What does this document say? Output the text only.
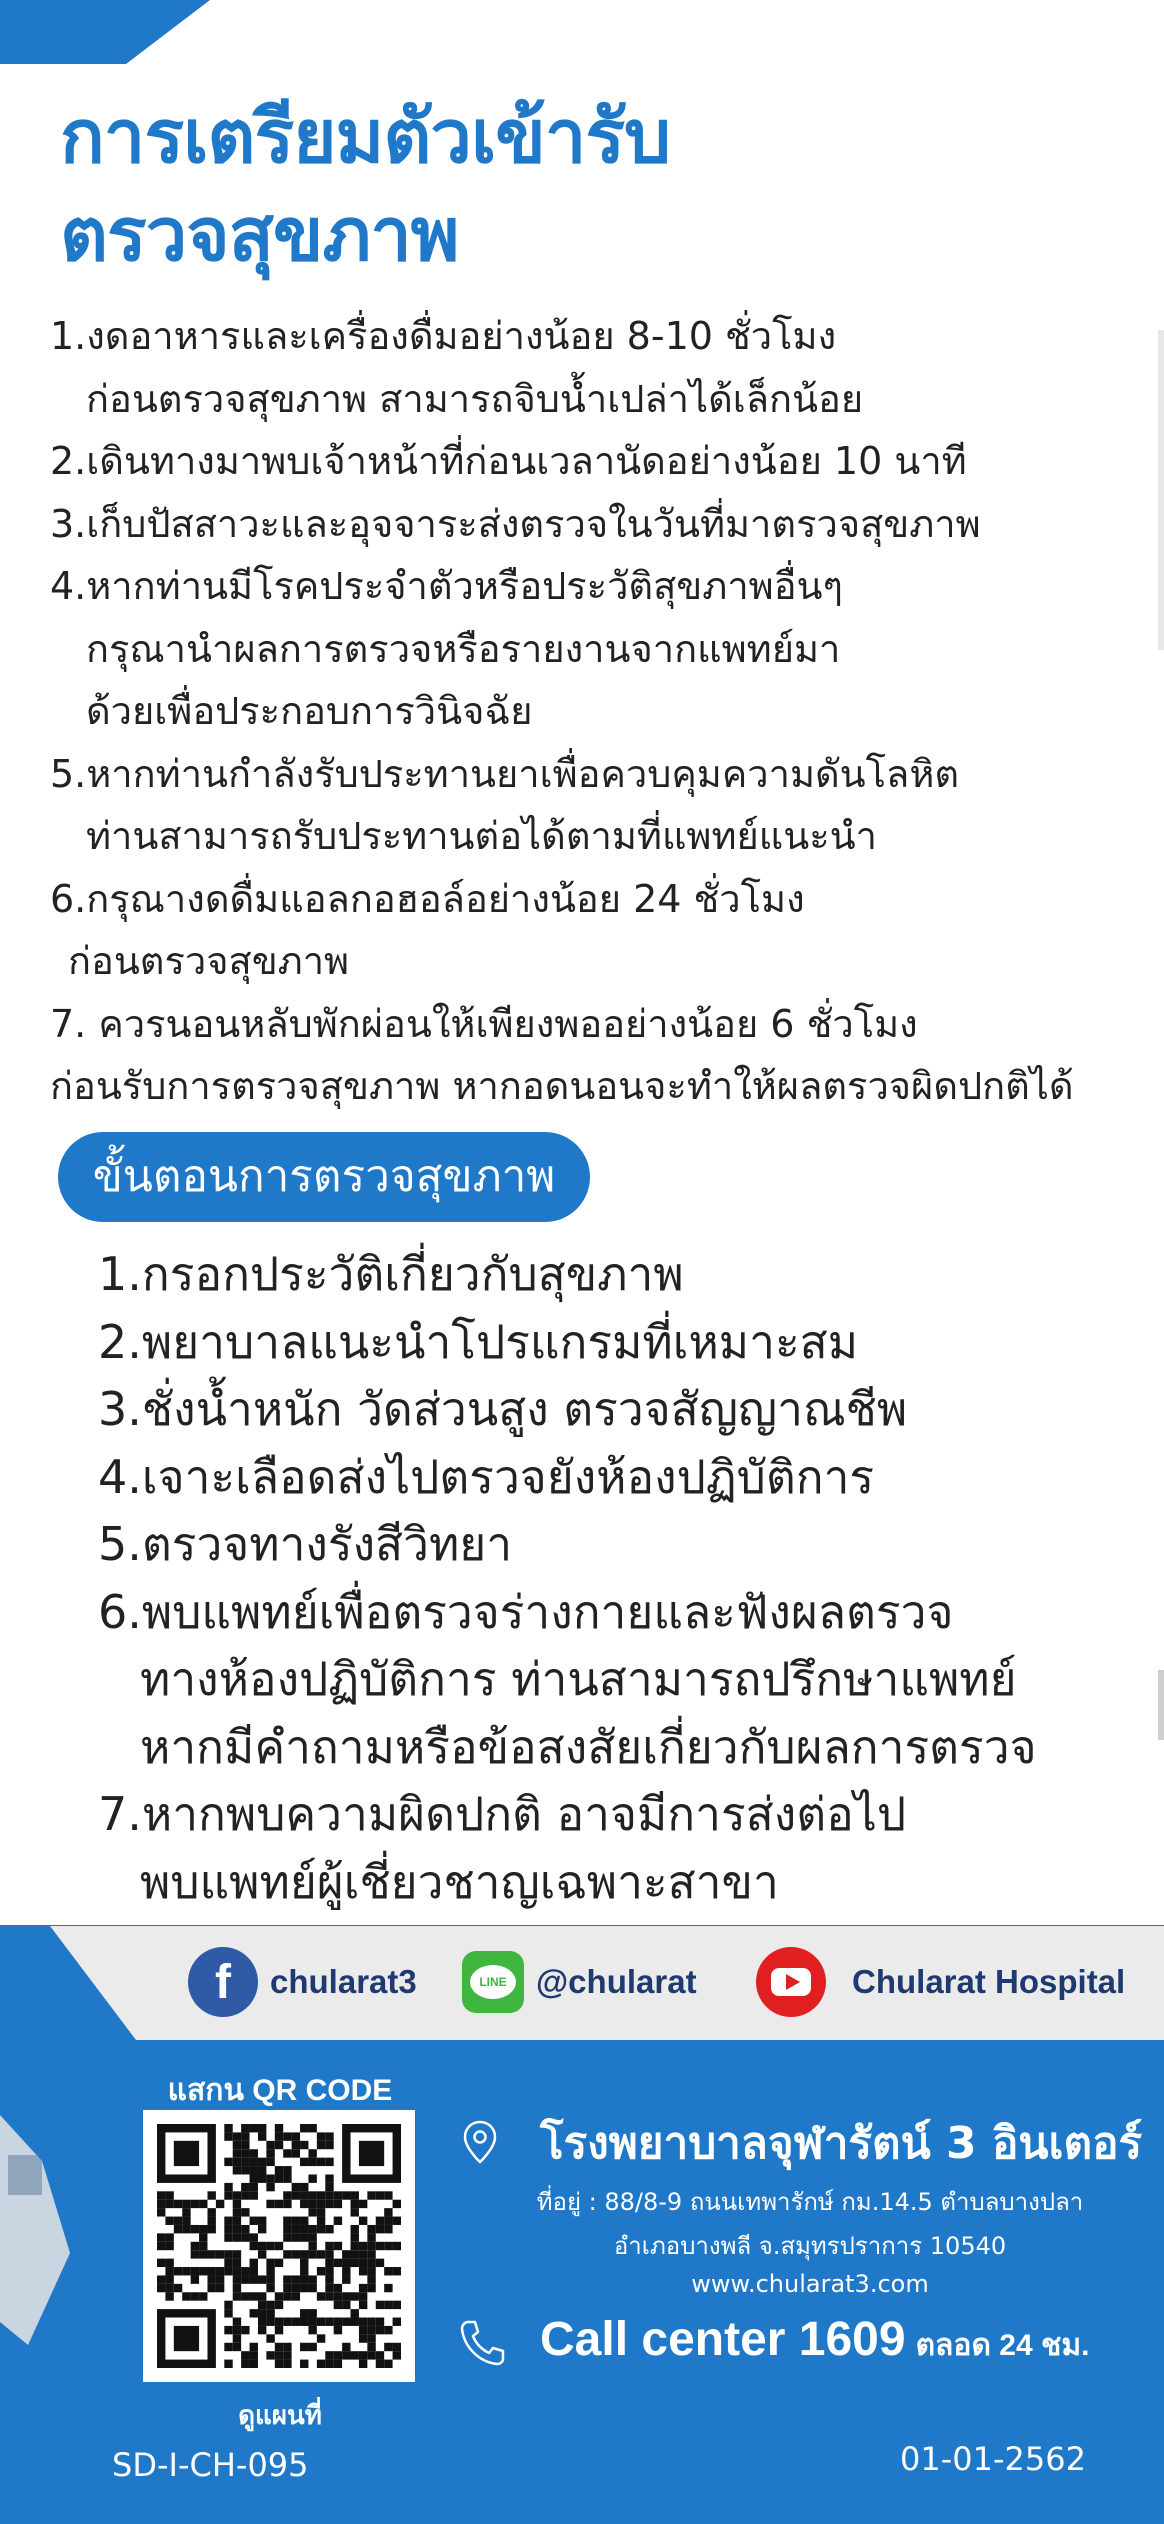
การเตรียมตัวเข้ารับ
ตรวจสุขภาพ
1.งดอาหารและเครื่องดื่มอย่างน้อย 8-10 ชั่วโมง
ก่อนตรวจสุขภาพ สามารถจิบน้ำเปล่าได้เล็กน้อย
2.เดินทางมาพบเจ้าหน้าที่ก่อนเวลานัดอย่างน้อย 10 นาที
3.เก็บปัสสาวะและอุจจาระส่งตรวจในวันที่มาตรวจสุขภาพ
4.หากท่านมีโรคประจำตัวหรือประวัติสุขภาพอื่นๆ
กรุณานำผลการตรวจหรือรายงานจากแพทย์มา
ด้วยเพื่อประกอบการวินิจฉัย
5.หากท่านกำลังรับประทานยาเพื่อควบคุมความดันโลหิต
ท่านสามารถรับประทานต่อได้ตามที่แพทย์แนะนำ
6.กรุณางดดื่มแอลกอฮอล์อย่างน้อย 24 ชั่วโมง
ก่อนตรวจสุขภาพ
7. ควรนอนหลับพักผ่อนให้เพียงพออย่างน้อย 6 ชั่วโมง
ก่อนรับการตรวจสุขภาพ หากอดนอนจะทำให้ผลตรวจผิดปกติได้
ขั้นตอนการตรวจสุขภาพ
1.กรอกประวัติเกี่ยวกับสุขภาพ
2.พยาบาลแนะนำโปรแกรมที่เหมาะสม
3.ชั่งน้ำหนัก วัดส่วนสูง ตรวจสัญญาณชีพ
4.เจาะเลือดส่งไปตรวจยังห้องปฏิบัติการ
5.ตรวจทางรังสีวิทยา
6.พบแพทย์เพื่อตรวจร่างกายและฟังผลตรวจ
ทางห้องปฏิบัติการ ท่านสามารถปรึกษาแพทย์
หากมีคำถามหรือข้อสงสัยเกี่ยวกับผลการตรวจ
7.หากพบความผิดปกติ อาจมีการส่งต่อไป
พบแพทย์ผู้เชี่ยวชาญเฉพาะสาขา
f	chularat3	LINE @chularat	Chularat Hospital
แสกน QR CODE
ดูแผนที่
โรงพยาบาลจุฬารัตน์ 3 อินเตอร์
ที่อยู่ : 88/8-9 ถนนเทพารักษ์ กม.14.5 ตำบลบางปลา
อำเภอบางพลี จ.สมุทรปราการ 10540
www.chularat3.com
Call center 1609 ตลอด 24 ชม.
SD-I-CH-095	01-01-2562
